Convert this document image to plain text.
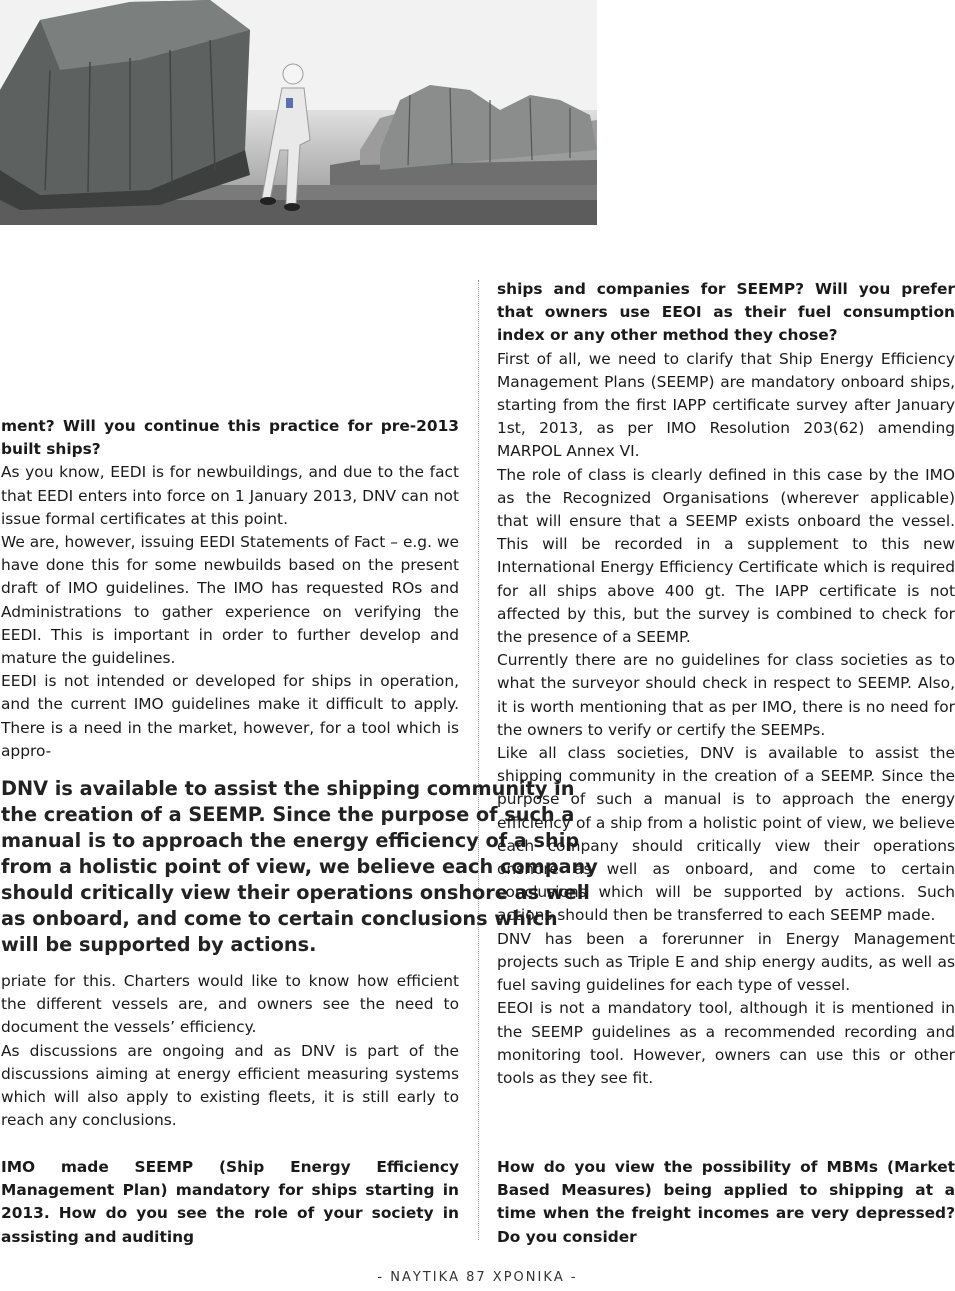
ment? Will you continue this practice for pre-2013 built ships?

As you know, EEDI is for newbuildings, and due to the fact that EEDI enters into force on 1 January 2013, DNV can not issue formal certificates at this point.

We are, however, issuing EEDI Statements of Fact – e.g. we have done this for some newbuilds based on the present draft of IMO guidelines. The IMO has requested ROs and Administrations to gather experience on verifying the EEDI. This is important in order to further develop and mature the guidelines.

EEDI is not intended or developed for ships in operation, and the current IMO guidelines make it difficult to apply. There is a need in the market, however, for a tool which is appro-

DNV is available to assist the shipping community in the creation of a SEEMP. Since the purpose of such a manual is to approach the energy efficiency of a ship from a holistic point of view, we believe each company should critically view their operations onshore as well as onboard, and come to certain conclusions which will be supported by actions.

priate for this. Charters would like to know how efficient the different vessels are, and owners see the need to document the vessels’ efficiency.

As discussions are ongoing and as DNV is part of the discussions aiming at energy efficient measuring systems which will also apply to existing fleets, it is still early to reach any conclusions.

IMO made SEEMP (Ship Energy Efficiency Management Plan) mandatory for ships starting in 2013. How do you see the role of your society in assisting and auditing

ships and companies for SEEMP? Will you prefer that owners use EEOI as their fuel consumption index or any other method they chose?

First of all, we need to clarify that Ship Energy Efficiency Management Plans (SEEMP) are mandatory onboard ships, starting from the first IAPP certificate survey after January 1st, 2013, as per IMO Resolution 203(62) amending MARPOL Annex VI.

The role of class is clearly defined in this case by the IMO as the Recognized Organisations (wherever applicable) that will ensure that a SEEMP exists onboard the vessel. This will be recorded in a supplement to this new International Energy Efficiency Certificate which is required for all ships above 400 gt. The IAPP certificate is not affected by this, but the survey is combined to check for the presence of a SEEMP.

Currently there are no guidelines for class societies as to what the surveyor should check in respect to SEEMP. Also, it is worth mentioning that as per IMO, there is no need for the owners to verify or certify the SEEMPs.

Like all class societies, DNV is available to assist the shipping community in the creation of a SEEMP. Since the purpose of such a manual is to approach the energy efficiency of a ship from a holistic point of view, we believe each company should critically view their operations onshore as well as onboard, and come to certain conclusions which will be supported by actions. Such actions should then be transferred to each SEEMP made.

DNV has been a forerunner in Energy Management projects such as Triple E and ship energy audits, as well as fuel saving guidelines for each type of vessel.

EEOI is not a mandatory tool, although it is mentioned in the SEEMP guidelines as a recommended recording and monitoring tool. However, owners can use this or other tools as they see fit.

How do you view the possibility of MBMs (Market Based Measures) being applied to shipping at a time when the freight incomes are very depressed? Do you consider
- ΝΑΥΤΙΚΑ 87 ΧΡΟΝΙΚΑ -
